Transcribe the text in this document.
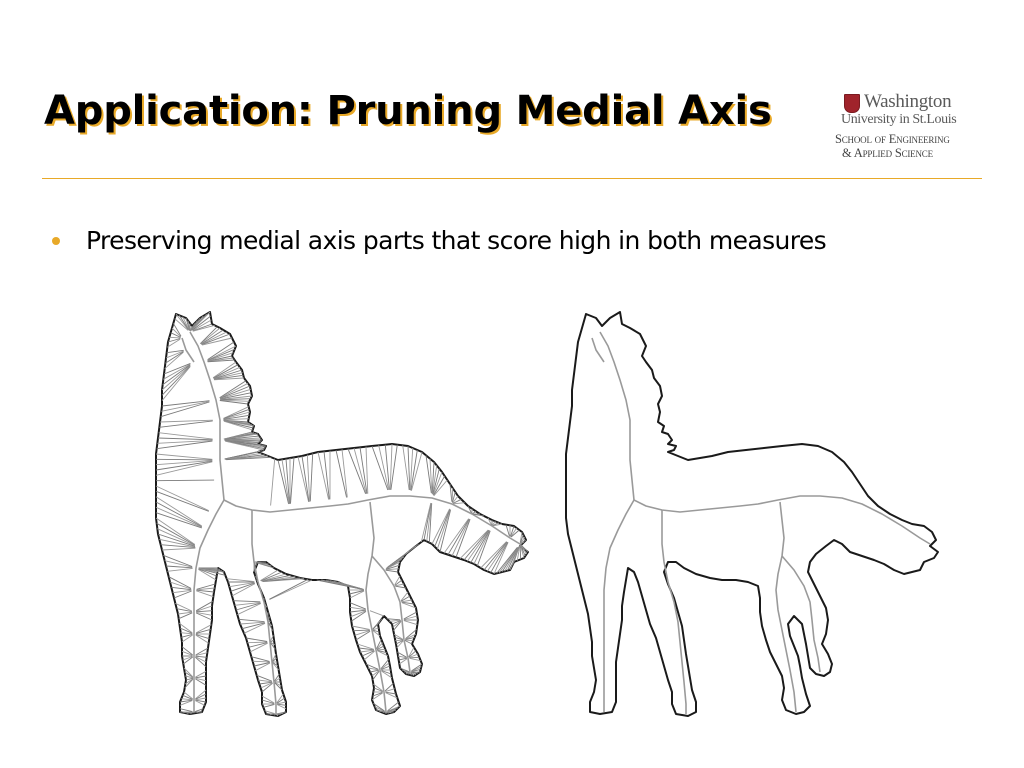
Application: Pruning Medial Axis	Washington
University in St.Louis
School of Engineering
& Applied Science
Preserving medial axis parts that score high in both measures
